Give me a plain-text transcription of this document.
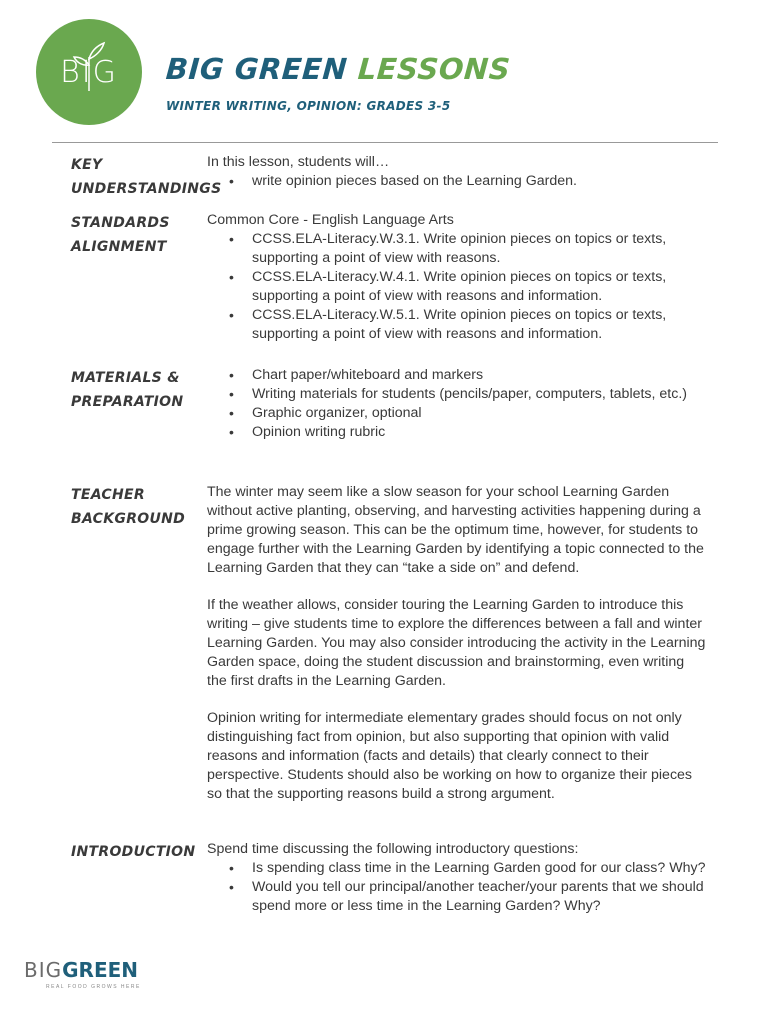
BIG	BIG GREEN LESSONS
WINTER WRITING, OPINION: GRADES 3-5
KEY
UNDERSTANDINGS
In this lesson, students will…
• write opinion pieces based on the Learning Garden.
STANDARDS
ALIGNMENT
Common Core - English Language Arts
• CCSS.ELA-Literacy.W.3.1. Write opinion pieces on topics or texts, supporting a point of view with reasons.
• CCSS.ELA-Literacy.W.4.1. Write opinion pieces on topics or texts, supporting a point of view with reasons and information.
• CCSS.ELA-Literacy.W.5.1. Write opinion pieces on topics or texts, supporting a point of view with reasons and information.
MATERIALS &
PREPARATION
• Chart paper/whiteboard and markers
• Writing materials for students (pencils/paper, computers, tablets, etc.)
• Graphic organizer, optional
• Opinion writing rubric
TEACHER
BACKGROUND

The winter may seem like a slow season for your school Learning Garden without active planting, observing, and harvesting activities happening during a prime growing season. This can be the optimum time, however, for students to engage further with the Learning Garden by identifying a topic connected to the Learning Garden that they can “take a side on” and defend.

If the weather allows, consider touring the Learning Garden to introduce this writing – give students time to explore the differences between a fall and winter Learning Garden. You may also consider introducing the activity in the Learning Garden space, doing the student discussion and brainstorming, even writing the first drafts in the Learning Garden.

Opinion writing for intermediate elementary grades should focus on not only distinguishing fact from opinion, but also supporting that opinion with valid reasons and information (facts and details) that clearly connect to their perspective. Students should also be working on how to organize their pieces so that the supporting reasons build a strong argument.

INTRODUCTION Spend time discussing the following introductory questions:
• Is spending class time in the Learning Garden good for our class? Why?
• Would you tell our principal/another teacher/your parents that we should spend more or less time in the Learning Garden? Why?
BIGGREEN
REAL FOOD GROWS HERE
